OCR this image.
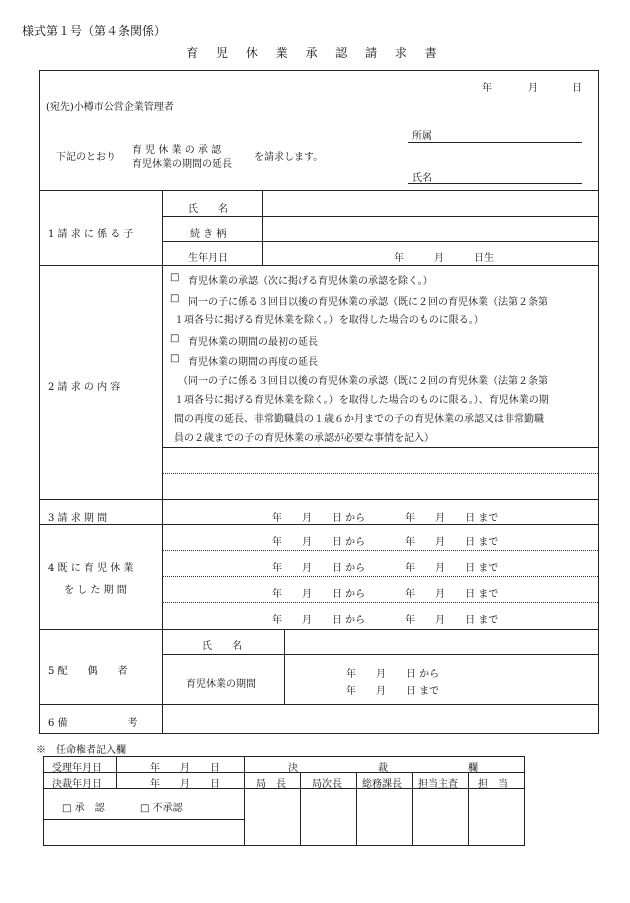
様式第１号（第４条関係）
育 児 休 業 承 認 請 求 書
年	月	日
(宛先)小樽市公営企業管理者
下記のとおり
育 児 休 業 の 承 認
育児休業の期間の延長
を請求します。
所属
氏名
1 請 求 に 係 る 子
氏　　名
続 き 柄
生年月日	年　　　月　　　日生
2 請 求 の 内 容
□ 育児休業の承認（次に掲げる育児休業の承認を除く。）
□ 同一の子に係る３回目以後の育児休業の承認（既に２回の育児休業（法第２条第
１項各号に掲げる育児休業を除く。）を取得した場合のものに限る。）
□ 育児休業の期間の最初の延長
□ 育児休業の期間の再度の延長
（同一の子に係る３回目以後の育児休業の承認（既に２回の育児休業（法第２条第
１項各号に掲げる育児休業を除く。）を取得した場合のものに限る。）、育児休業の期
間の再度の延長、非常勤職員の１歳６か月までの子の育児休業の承認又は非常勤職
員の２歳までの子の育児休業の承認が必要な事情を記入）
3 請 求 期 間	年　　月　　日 から　　　　年　　月　　日 まで
4 既 に 育 児 休 業
を し た 期 間
年　　月　　日 から　　　　年　　月　　日 まで
年　　月　　日 から　　　　年　　月　　日 まで
年　　月　　日 から　　　　年　　月　　日 まで
年　　月　　日 から　　　　年　　月　　日 まで
5 配　　偶　　者
氏　　名
育児休業の期間
年　　月　　日 から
年　　月　　日 まで
6 備　　　　　　考
※　任命権者記入欄
受理年月日	年　　月　　日
決裁年月日	年　　月　　日
決　　　　　　　　裁　　　　　　　　欄
局　長	局次長 総務課長 担当主査 担　当
□ 承　認	□ 不承認
